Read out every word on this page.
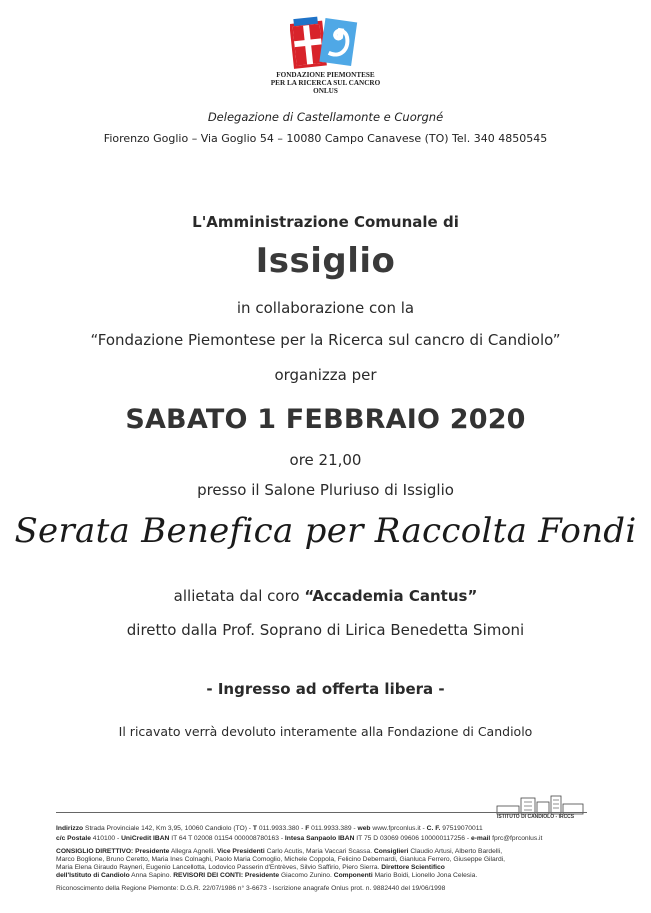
FONDAZIONE PIEMONTESE
PER LA RICERCA SUL CANCRO
ONLUS
Delegazione di Castellamonte e Cuorgné
Fiorenzo Goglio – Via Goglio 54 – 10080 Campo Canavese (TO) Tel. 340 4850545
L'Amministrazione Comunale di
Issiglio
in collaborazione con la
“Fondazione Piemontese per la Ricerca sul cancro di Candiolo”
organizza per
SABATO 1 FEBBRAIO 2020
ore 21,00
presso il Salone Pluriuso di Issiglio
Serata Benefica per Raccolta Fondi
allietata dal coro “Accademia Cantus”
diretto dalla Prof. Soprano di Lirica Benedetta Simoni
- Ingresso ad offerta libera -
Il ricavato verrà devoluto interamente alla Fondazione di Candiolo
ISTITUTO DI CANDIOLO - IRCCS
Indirizzo Strada Provinciale 142, Km 3,95, 10060 Candiolo (TO) - T 011.9933.380 - F 011.9933.389 - web www.fprconlus.it - C. F. 97519070011
c/c Postale 410100 - UniCredit IBAN IT 64 T 02008 01154 000008780163 - Intesa Sanpaolo IBAN IT 75 D 03069 09606 100000117256 - e-mail fprc@fprconlus.it
CONSIGLIO DIRETTIVO: Presidente Allegra Agnelli. Vice Presidenti Carlo Acutis, Maria Vaccari Scassa. Consiglieri Claudio Artusi, Alberto Bardelli,
Marco Boglione, Bruno Ceretto, Maria Ines Colnaghi, Paolo Maria Comoglio, Michele Coppola, Felicino Debernardi, Gianluca Ferrero, Giuseppe Gilardi,
Maria Elena Giraudo Rayneri, Eugenio Lancellotta, Lodovico Passerin d'Entrèves, Silvio Saffirio, Piero Sierra. Direttore Scientifico
dell'Istituto di Candiolo Anna Sapino. REVISORI DEI CONTI: Presidente Giacomo Zunino. Componenti Mario Boidi, Lionello Jona Celesia.
Riconoscimento della Regione Piemonte: D.G.R. 22/07/1986 n° 3-6673 - Iscrizione anagrafe Onlus prot. n. 9882440 del 19/06/1998
